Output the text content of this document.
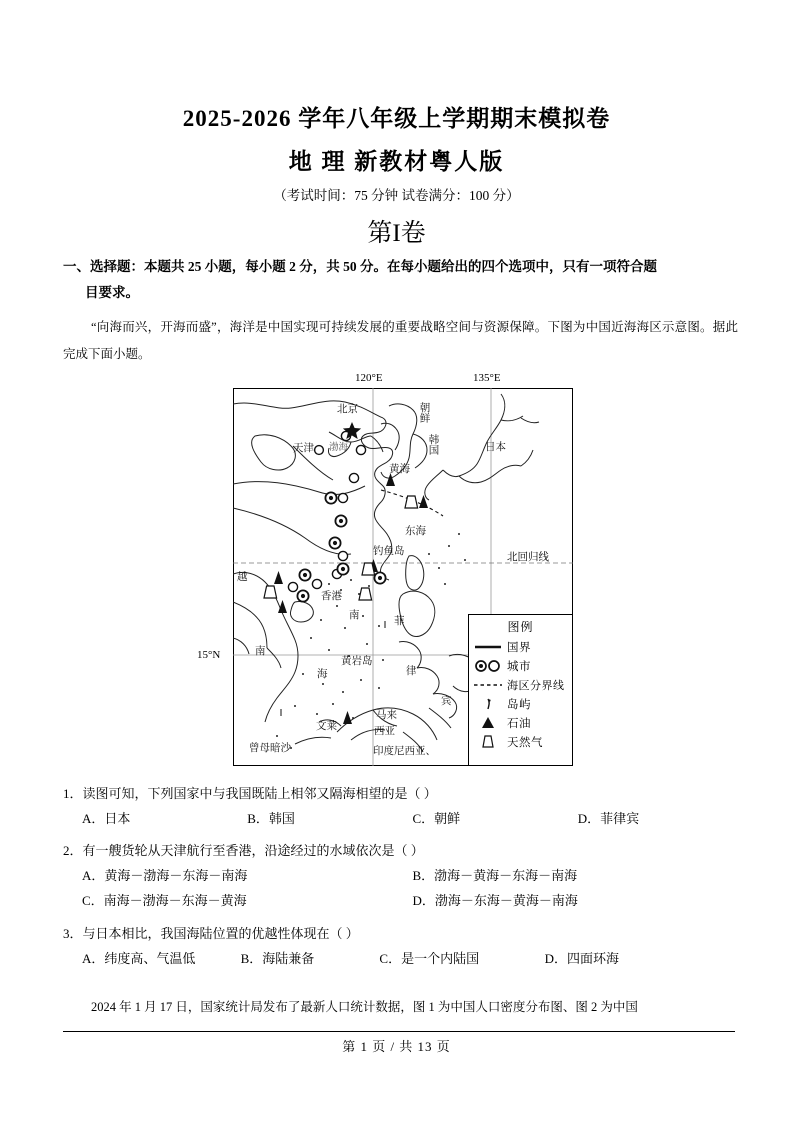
2025-2026 学年八年级上学期期末模拟卷
地 理 新教材粤人版
（考试时间：75 分钟 试卷满分：100 分）
第I卷
一、选择题：本题共 25 小题，每小题 2 分，共 50 分。在每小题给出的四个选项中，只有一项符合题
目要求。

“向海而兴，开海而盛”，海洋是中国实现可持续发展的重要战略空间与资源保障。下图为中国近海海区示意图。据此完成下面小题。

120°E	135°E
15°N
北京
天津 渤海
朝鲜
韩国	日本
黄海
东海
钓鱼岛
越
南
香港
南
海
黄岩岛
菲
律
宾
马来
西亚
文莱
曾母暗沙	印度尼西亚、
北回归线
图例
国界
城市
海区分界线
岛屿
石油
天然气
1．读图可知，下列国家中与我国既陆上相邻又隔海相望的是（ ）
A．日本	B．韩国	C．朝鲜	D．菲律宾
2．有一艘货轮从天津航行至香港，沿途经过的水域依次是（ ）
A．黄海－渤海－东海－南海	B．渤海－黄海－东海－南海
C．南海－渤海－东海－黄海	D．渤海－东海－黄海－南海
3．与日本相比，我国海陆位置的优越性体现在（ ）
A．纬度高、气温低	B．海陆兼备	C．是一个内陆国	D．四面环海

2024 年 1 月 17 日，国家统计局发布了最新人口统计数据，图 1 为中国人口密度分布图、图 2 为中国

第 1 页 / 共 13 页
